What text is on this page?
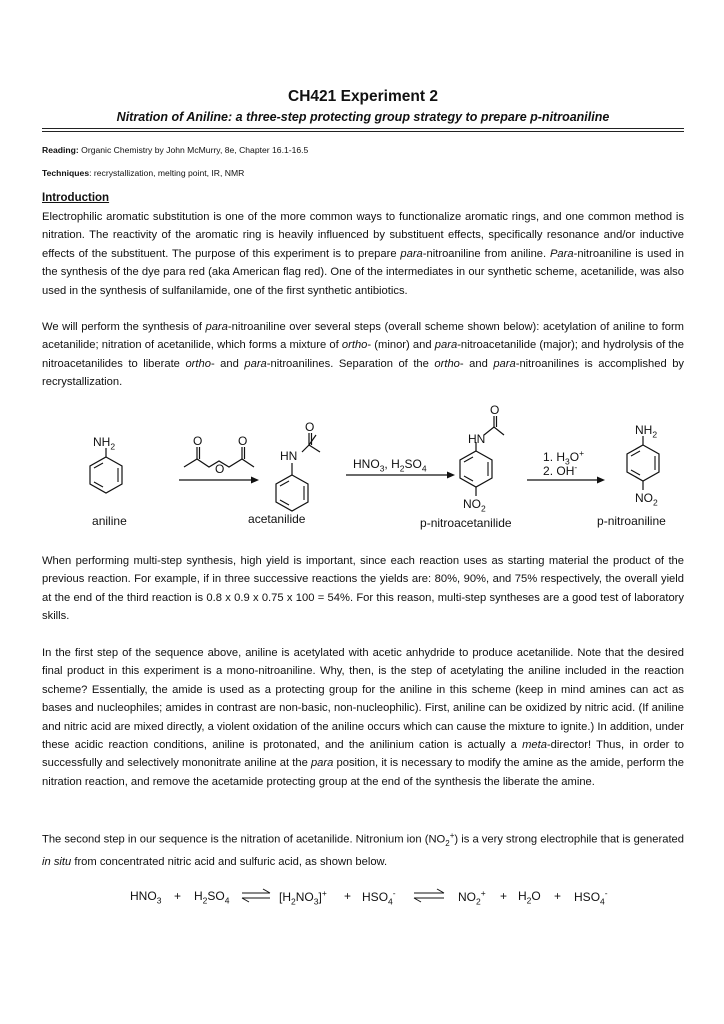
CH421 Experiment 2
Nitration of Aniline: a three-step protecting group strategy to prepare p-nitroaniline
Reading: Organic Chemistry by John McMurry, 8e, Chapter 16.1-16.5
Techniques: recrystallization, melting point, IR, NMR
Introduction
Electrophilic aromatic substitution is one of the more common ways to functionalize aromatic rings, and one common method is nitration. The reactivity of the aromatic ring is heavily influenced by substituent effects, specifically resonance and/or inductive effects of the substituent. The purpose of this experiment is to prepare para-nitroaniline from aniline. Para-nitroaniline is used in the synthesis of the dye para red (aka American flag red). One of the intermediates in our synthetic scheme, acetanilide, was also used in the synthesis of sulfanilamide, one of the first synthetic antibiotics.
We will perform the synthesis of para-nitroaniline over several steps (overall scheme shown below): acetylation of aniline to form acetanilide; nitration of acetanilide, which forms a mixture of ortho- (minor) and para-nitroacetanilide (major); and hydrolysis of the nitroacetanilides to liberate ortho- and para-nitroanilines. Separation of the ortho- and para-nitroanilines is accomplished by recrystallization.
$NH_2$	O	O
O
HN
O
$HNO_3$, $H_2SO_4$
HN
O
$NO_2$
1. $H_3O^+$
2. OH-
$NH_2$
$NO_2$
aniline	acetanilide	p-nitroacetanilide	p-nitroaniline
When performing multi-step synthesis, high yield is important, since each reaction uses as starting material the product of the previous reaction. For example, if in three successive reactions the yields are: 80%, 90%, and 75% respectively, the overall yield at the end of the third reaction is 0.8 x 0.9 x 0.75 x 100 = 54%. For this reason, multi-step syntheses are a good test of laboratory skills.
In the first step of the sequence above, aniline is acetylated with acetic anhydride to produce acetanilide. Note that the desired final product in this experiment is a mono-nitroaniline. Why, then, is the step of acetylating the aniline included in the reaction scheme? Essentially, the amide is used as a protecting group for the aniline in this scheme (keep in mind amines can act as bases and nucleophiles; amides in contrast are non-basic, non-nucleophilic). First, aniline can be oxidized by nitric acid. (If aniline and nitric acid are mixed directly, a violent oxidation of the aniline occurs which can cause the mixture to ignite.) In addition, under these acidic reaction conditions, aniline is protonated, and the anilinium cation is actually a meta-director! Thus, in order to successfully and selectively mononitrate aniline at the para position, it is necessary to modify the amine as the amide, perform the nitration reaction, and remove the acetamide protecting group at the end of the synthesis the liberate the amine.
The second step in our sequence is the nitration of acetanilide. Nitronium ion $(NO_2^+)$ is a very strong electrophile that is generated in situ from concentrated nitric acid and sulfuric acid, as shown below.
$HNO_3 + H_2SO_4$	$[H_2NO_3]^+ + HSO_4^-$	$NO_2^+ + H_2O + HSO_4^-$
